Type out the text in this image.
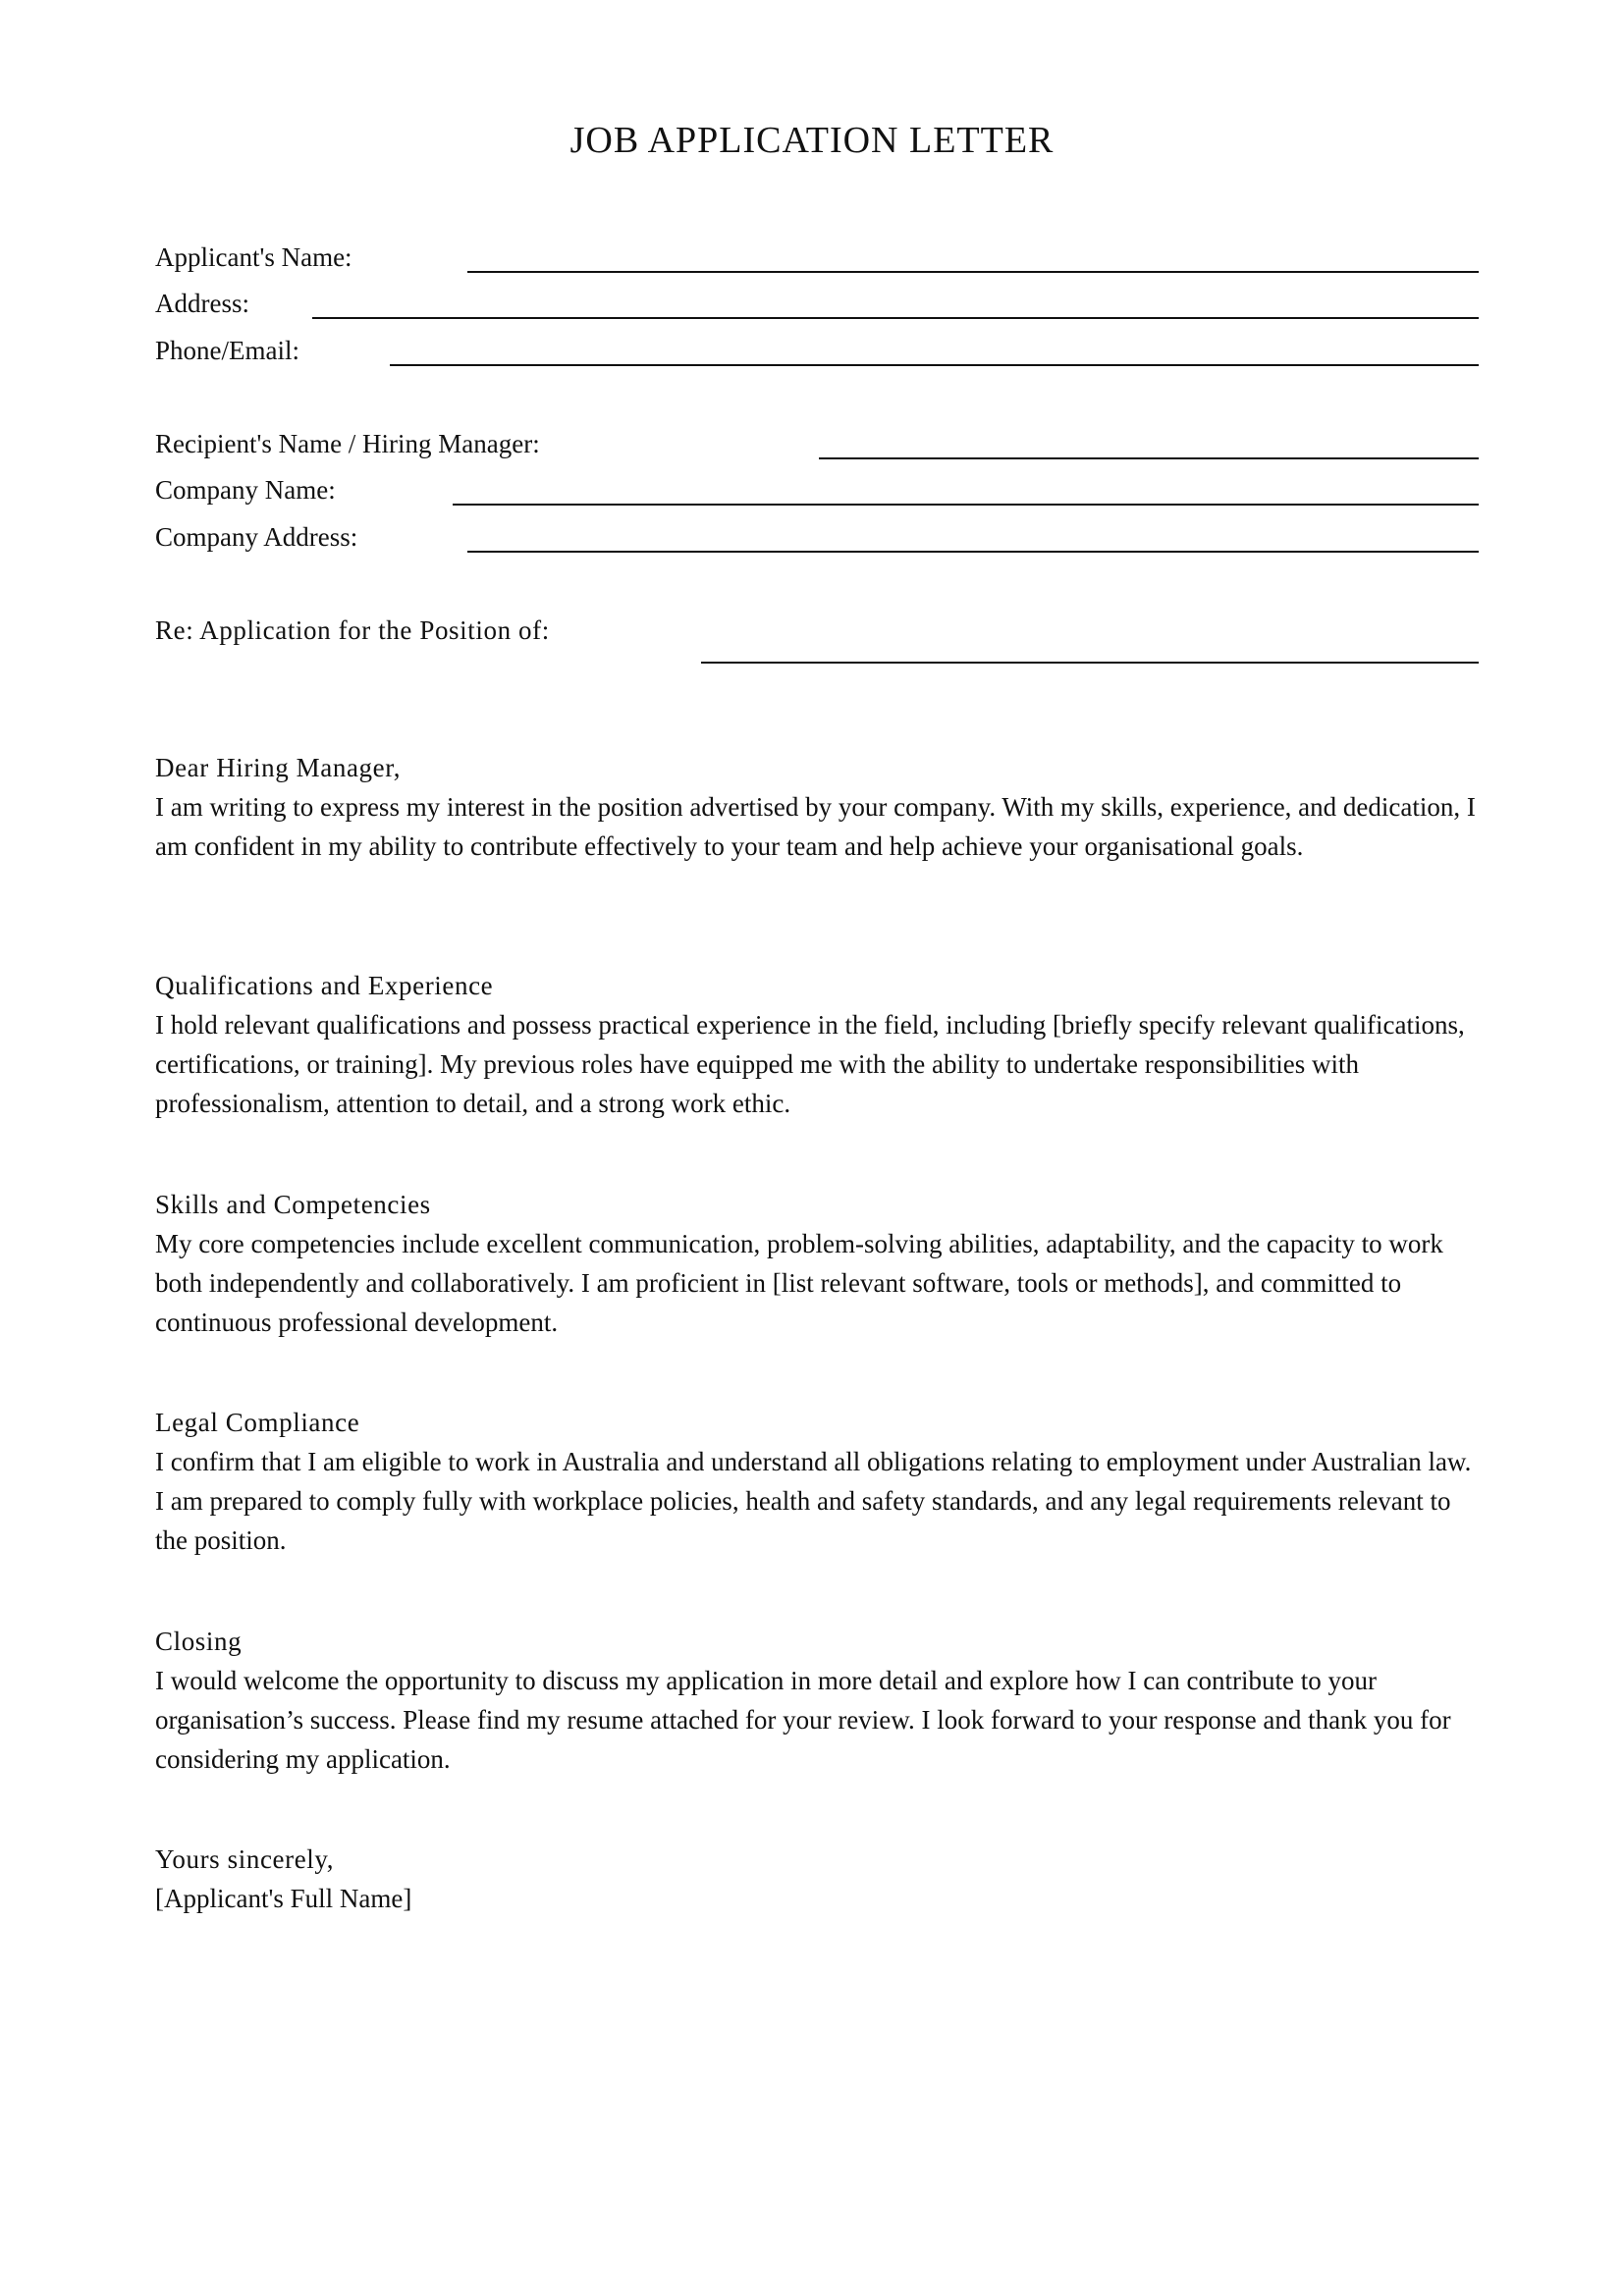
JOB APPLICATION LETTER
Applicant's Name:
Address:
Phone/Email:
Recipient's Name / Hiring Manager:
Company Name:
Company Address:
Re: Application for the Position of:

Dear Hiring Manager,

I am writing to express my interest in the position advertised by your company. With my skills, experience, and dedication, I am confident in my ability to contribute effectively to your team and help achieve your organisational goals.

Qualifications and Experience

I hold relevant qualifications and possess practical experience in the field, including [briefly specify relevant qualifications, certifications, or training]. My previous roles have equipped me with the ability to undertake responsibilities with professionalism, attention to detail, and a strong work ethic.

Skills and Competencies

My core competencies include excellent communication, problem-solving abilities, adaptability, and the capacity to work both independently and collaboratively. I am proficient in [list relevant software, tools or methods], and committed to continuous professional development.

Legal Compliance

I confirm that I am eligible to work in Australia and understand all obligations relating to employment under Australian law. I am prepared to comply fully with workplace policies, health and safety standards, and any legal requirements relevant to the position.

Closing

I would welcome the opportunity to discuss my application in more detail and explore how I can contribute to your organisation’s success. Please find my resume attached for your review. I look forward to your response and thank you for considering my application.

Yours sincerely,

[Applicant's Full Name]
